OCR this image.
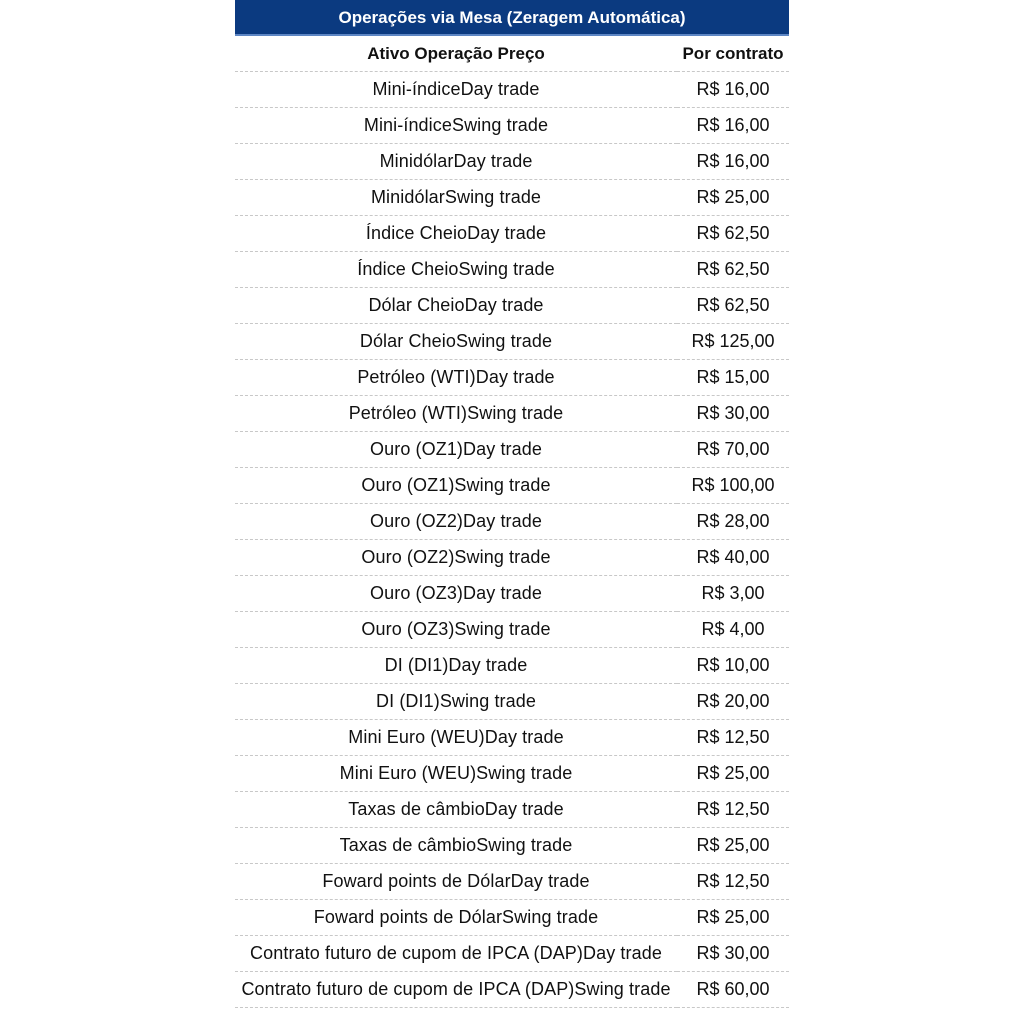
Operações via Mesa (Zeragem Automática)
Ativo Operação Preço	Por contrato
Mini-índiceDay trade	R$ 16,00
Mini-índiceSwing trade	R$ 16,00
MinidólarDay trade	R$ 16,00
MinidólarSwing trade	R$ 25,00
Índice CheioDay trade	R$ 62,50
Índice CheioSwing trade	R$ 62,50
Dólar CheioDay trade	R$ 62,50
Dólar CheioSwing trade	R$ 125,00
Petróleo (WTI)Day trade	R$ 15,00
Petróleo (WTI)Swing trade	R$ 30,00
Ouro (OZ1)Day trade	R$ 70,00
Ouro (OZ1)Swing trade	R$ 100,00
Ouro (OZ2)Day trade	R$ 28,00
Ouro (OZ2)Swing trade	R$ 40,00
Ouro (OZ3)Day trade	R$ 3,00
Ouro (OZ3)Swing trade	R$ 4,00
DI (DI1)Day trade	R$ 10,00
DI (DI1)Swing trade	R$ 20,00
Mini Euro (WEU)Day trade	R$ 12,50
Mini Euro (WEU)Swing trade	R$ 25,00
Taxas de câmbioDay trade	R$ 12,50
Taxas de câmbioSwing trade	R$ 25,00
Foward points de DólarDay trade	R$ 12,50
Foward points de DólarSwing trade	R$ 25,00
Contrato futuro de cupom de IPCA (DAP)Day trade	R$ 30,00
Contrato futuro de cupom de IPCA (DAP)Swing trade	R$ 60,00
